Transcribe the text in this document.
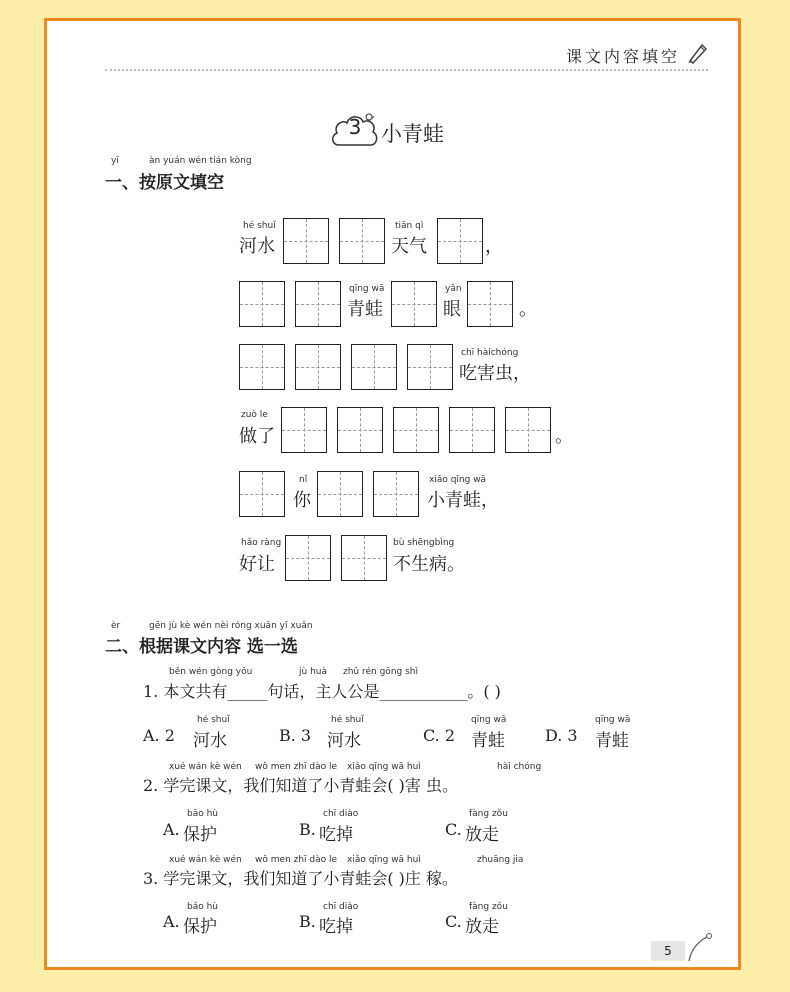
课文内容填空
3 小青蛙
yī	àn yuán wén tián kòng
一、按原文填空
hé shuǐ
河水
tiān qì
天气	，
qīng wā
青蛙
yǎn
眼	。
chī hàichóng
吃害虫，
zuò le
做了	。
nǐ
你
xiǎo qīng wā
小青蛙，
hǎo ràng
好让
bù shēngbìng
不生病。
èr	gēn jù kè wén nèi róng xuǎn yī xuǎn
二、根据课文内容 选一选
běn wén gòng yǒu	jù huà zhǔ rén gōng shì
1. 本文共有_____句话，主人公是___________。( )
A. 2
hé shuǐ
河水	B. 3
hé shuǐ
河水	C. 2
qīng wā
青蛙	D. 3
qīng wā
青蛙
xué wán kè wén wǒ men zhī dào le xiǎo qīng wā huì	hài chóng
2. 学完课文，我们知道了小青蛙会( )害 虫。
A.
bǎo hù
保护	B.
chī diào
吃掉	C.
fàng zǒu
放走
xué wán kè wén wǒ men zhī dào le xiǎo qīng wā huì	zhuāng jia
3. 学完课文，我们知道了小青蛙会( )庄 稼。
A.
bǎo hù
保护	B.
chī diào
吃掉	C.
fàng zǒu
放走
5
